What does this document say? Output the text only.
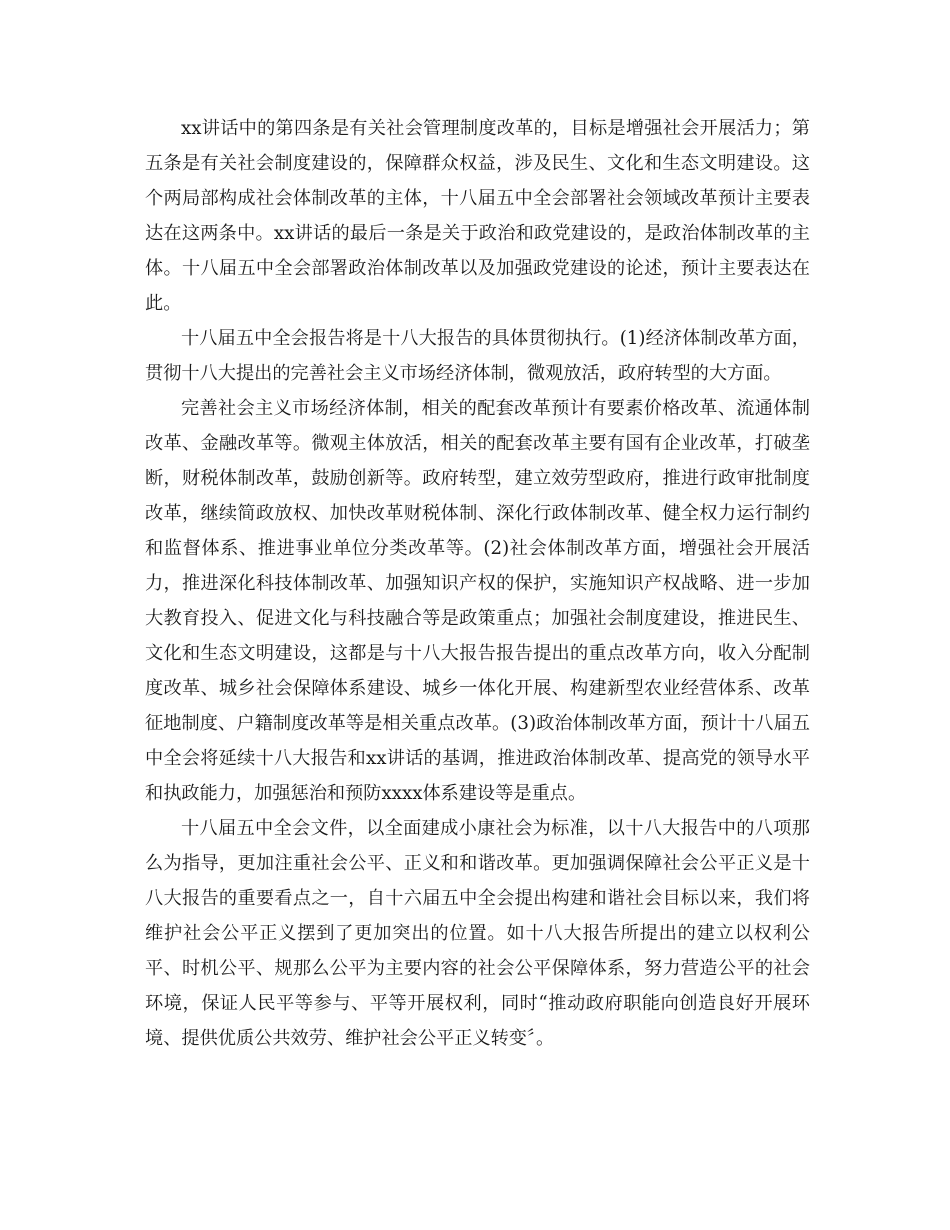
xx讲话中的第四条是有关社会管理制度改革的，目标是增强社会开展活力；第五条是有关社会制度建设的，保障群众权益，涉及民生、文化和生态文明建设。这个两局部构成社会体制改革的主体，十八届五中全会部署社会领域改革预计主要表达在这两条中。xx讲话的最后一条是关于政治和政党建设的，是政治体制改革的主体。十八届五中全会部署政治体制改革以及加强政党建设的论述，预计主要表达在此。

十八届五中全会报告将是十八大报告的具体贯彻执行。(1)经济体制改革方面，贯彻十八大提出的完善社会主义市场经济体制，微观放活，政府转型的大方面。

完善社会主义市场经济体制，相关的配套改革预计有要素价格改革、流通体制改革、金融改革等。微观主体放活，相关的配套改革主要有国有企业改革，打破垄断，财税体制改革，鼓励创新等。政府转型，建立效劳型政府，推进行政审批制度改革，继续简政放权、加快改革财税体制、深化行政体制改革、健全权力运行制约和监督体系、推进事业单位分类改革等。(2)社会体制改革方面，增强社会开展活力，推进深化科技体制改革、加强知识产权的保护，实施知识产权战略、进一步加大教育投入、促进文化与科技融合等是政策重点；加强社会制度建设，推进民生、文化和生态文明建设，这都是与十八大报告报告提出的重点改革方向，收入分配制度改革、城乡社会保障体系建设、城乡一体化开展、构建新型农业经营体系、改革征地制度、户籍制度改革等是相关重点改革。(3)政治体制改革方面，预计十八届五中全会将延续十八大报告和xx讲话的基调，推进政治体制改革、提高党的领导水平和执政能力，加强惩治和预防xxxx体系建设等是重点。

十八届五中全会文件，以全面建成小康社会为标准，以十八大报告中的八项那么为指导，更加注重社会公平、正义和和谐改革。更加强调保障社会公平正义是十八大报告的重要看点之一，自十六届五中全会提出构建和谐社会目标以来，我们将维护社会公平正义摆到了更加突出的位置。如十八大报告所提出的建立以权利公平、时机公平、规那么公平为主要内容的社会公平保障体系，努力营造公平的社会环境，保证人民平等参与、平等开展权利，同时“推动政府职能向创造良好开展环境、提供优质公共效劳、维护社会公平正义转变〞。
